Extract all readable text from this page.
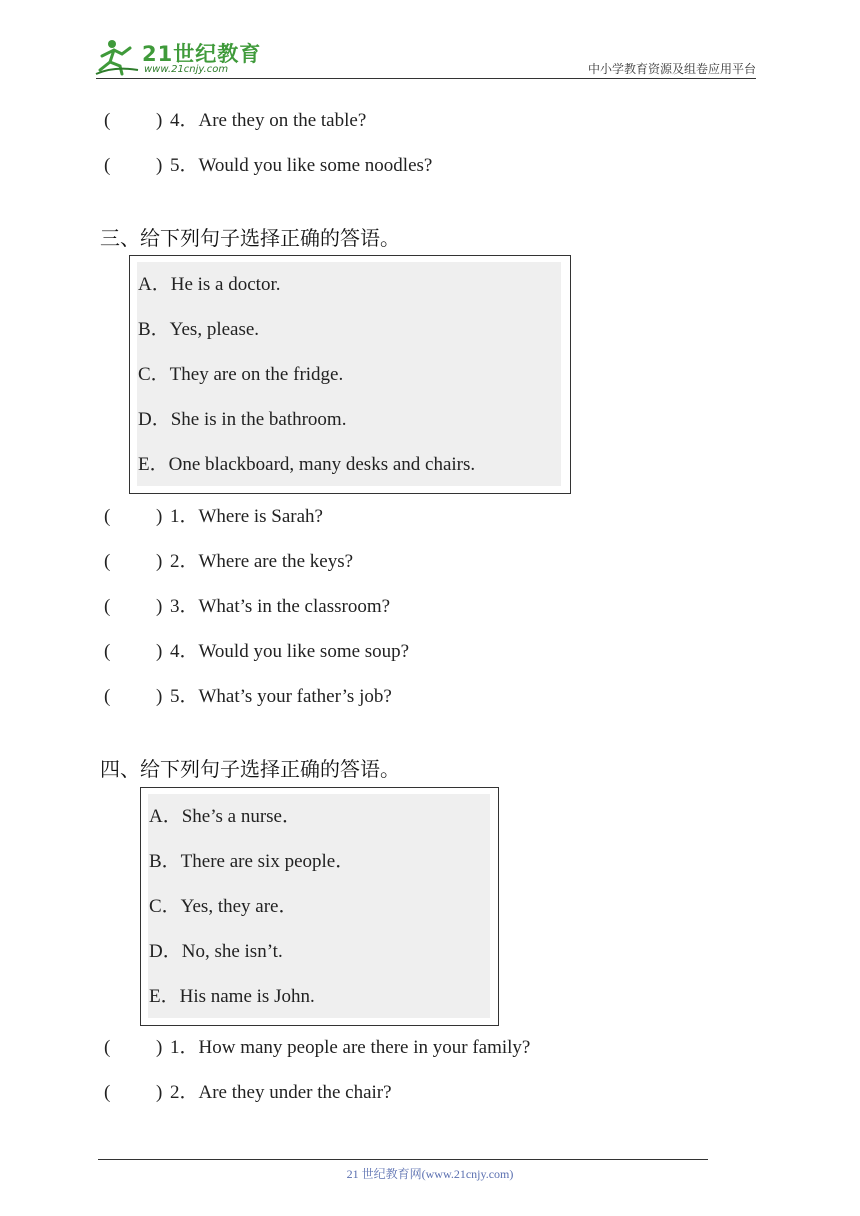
21世纪教育
www.21cnjy.com	中小学教育资源及组卷应用平台
( ) 4．Are they on the table?
( ) 5．Would you like some noodles?
三、给下列句子选择正确的答语。
A．He is a doctor.
B．Yes, please.
C．They are on the fridge.
D．She is in the bathroom.
E．One blackboard, many desks and chairs.
( ) 1．Where is Sarah?
( ) 2．Where are the keys?
( ) 3．What’s in the classroom?
( ) 4．Would you like some soup?
( ) 5．What’s your father’s job?
四、给下列句子选择正确的答语。
A．She’s a nurse．
B．There are six people．
C．Yes, they are．
D．No, she isn’t.
E．His name is John.
( ) 1．How many people are there in your family?
( ) 2．Are they under the chair?
21 世纪教育网(www.21cnjy.com)
